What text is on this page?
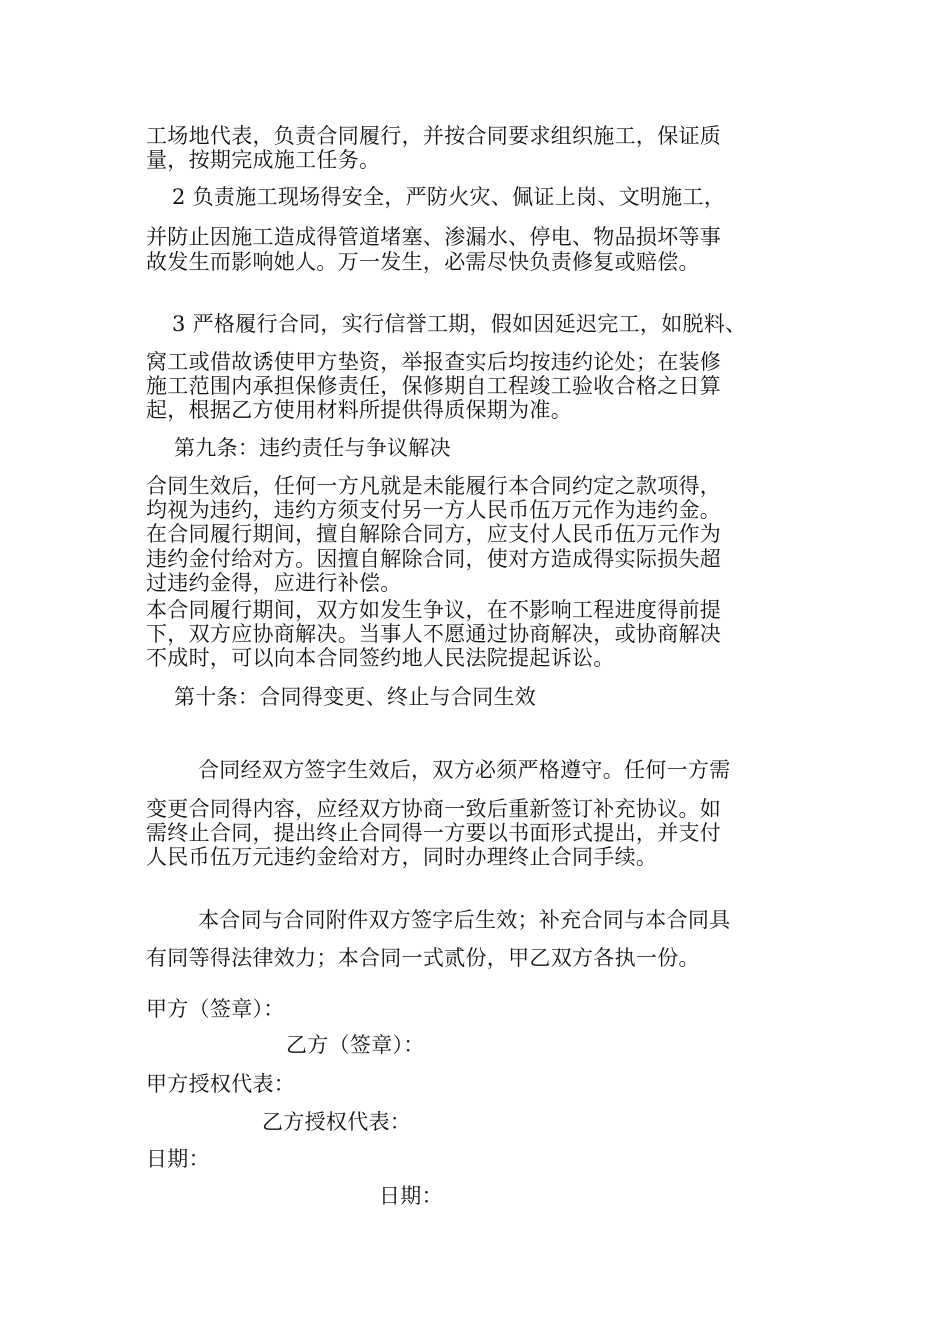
工场地代表，负责合同履行，并按合同要求组织施工，保证质

量，按期完成施工任务。

2 负责施工现场得安全，严防火灾、佩证上岗、文明施工，

并防止因施工造成得管道堵塞、渗漏水、停电、物品损坏等事

故发生而影响她人。万一发生，必需尽快负责修复或赔偿。

3 严格履行合同，实行信誉工期，假如因延迟完工，如脱料、

窝工或借故诱使甲方垫资，举报查实后均按违约论处；在装修

施工范围内承担保修责任，保修期自工程竣工验收合格之日算

起，根据乙方使用材料所提供得质保期为准。

第九条：违约责任与争议解决

合同生效后，任何一方凡就是未能履行本合同约定之款项得，

均视为违约，违约方须支付另一方人民币伍万元作为违约金。

在合同履行期间，擅自解除合同方，应支付人民币伍万元作为

违约金付给对方。因擅自解除合同，使对方造成得实际损失超

过违约金得，应进行补偿。

本合同履行期间，双方如发生争议，在不影响工程进度得前提

下，双方应协商解决。当事人不愿通过协商解决，或协商解决

不成时，可以向本合同签约地人民法院提起诉讼。

第十条：合同得变更、终止与合同生效

合同经双方签字生效后，双方必须严格遵守。任何一方需

变更合同得内容，应经双方协商一致后重新签订补充协议。如

需终止合同，提出终止合同得一方要以书面形式提出，并支付

人民币伍万元违约金给对方，同时办理终止合同手续。

本合同与合同附件双方签字后生效；补充合同与本合同具

有同等得法律效力；本合同一式贰份，甲乙双方各执一份。

甲方（签章）：

乙方（签章）：

甲方授权代表：

乙方授权代表：

日期：

日期：
